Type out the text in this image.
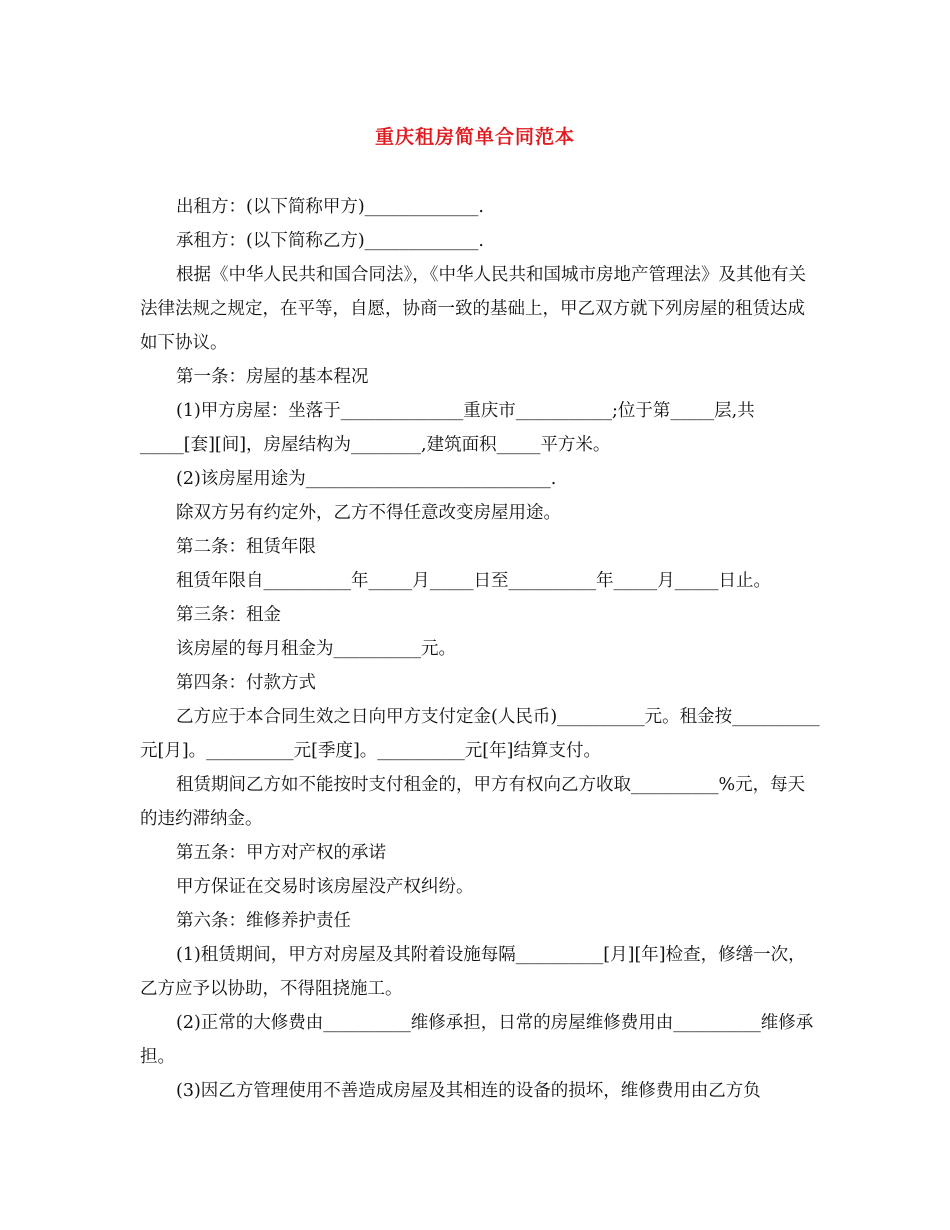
重庆租房简单合同范本

出租方：(以下简称甲方)_____________.

承租方：(以下简称乙方)_____________.

根据《中华人民共和国合同法》，《中华人民共和国城市房地产管理法》及其他有关法律法规之规定，在平等，自愿，协商一致的基础上，甲乙双方就下列房屋的租赁达成如下协议。

第一条：房屋的基本程况

(1)甲方房屋：坐落于______________重庆市___________;位于第_____层,共_____[套][间]，房屋结构为________,建筑面积_____平方米。

(2)该房屋用途为____________________________.

除双方另有约定外，乙方不得任意改变房屋用途。

第二条：租赁年限

租赁年限自__________年_____月_____日至__________年_____月_____日止。

第三条：租金

该房屋的每月租金为__________元。

第四条：付款方式

乙方应于本合同生效之日向甲方支付定金(人民币)__________元。租金按__________元[月]。__________元[季度]。__________元[年]结算支付。

租赁期间乙方如不能按时支付租金的，甲方有权向乙方收取__________%元，每天的违约滞纳金。

第五条：甲方对产权的承诺

甲方保证在交易时该房屋没产权纠纷。

第六条：维修养护责任

(1)租赁期间，甲方对房屋及其附着设施每隔__________[月][年]检查，修缮一次，乙方应予以协助，不得阻挠施工。

(2)正常的大修费由__________维修承担，日常的房屋维修费用由__________维修承担。

(3)因乙方管理使用不善造成房屋及其相连的设备的损坏，维修费用由乙方负
